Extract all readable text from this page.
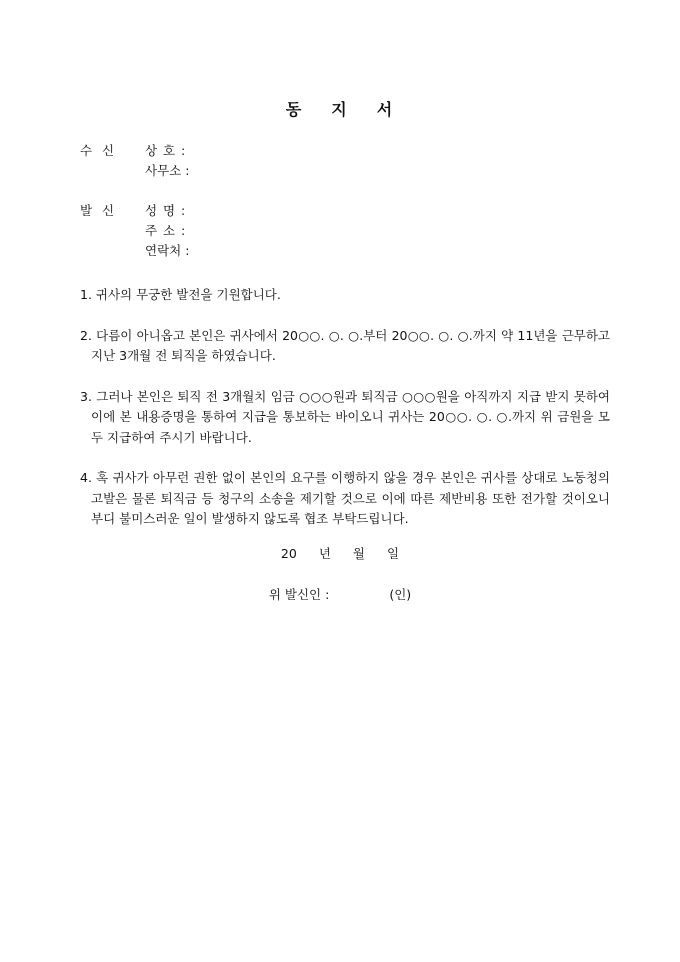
동 지 서
수 신	상 호 :
사무소 :
발 신	성 명 :
주 소 :
연락처 :

1. 귀사의 무궁한 발전을 기원합니다.

2. 다름이 아니옵고 본인은 귀사에서 20○○. ○. ○.부터 20○○. ○. ○.까지 약 11년을 근무하고 지난 3개월 전 퇴직을 하였습니다.

3. 그러나 본인은 퇴직 전 3개월치 임금 ○○○원과 퇴직금 ○○○원을 아직까지 지급 받지 못하여 이에 본 내용증명을 통하여 지급을 통보하는 바이오니 귀사는 20○○. ○. ○.까지 위 금원을 모두 지급하여 주시기 바랍니다.

4. 혹 귀사가 아무런 권한 없이 본인의 요구를 이행하지 않을 경우 본인은 귀사를 상대로 노동청의 고발은 물론 퇴직금 등 청구의 소송을 제기할 것으로 이에 따른 제반비용 또한 전가할 것이오니 부디 불미스러운 일이 발생하지 않도록 협조 부탁드립니다.

20 년 월 일
위 발신인 :	(인)
